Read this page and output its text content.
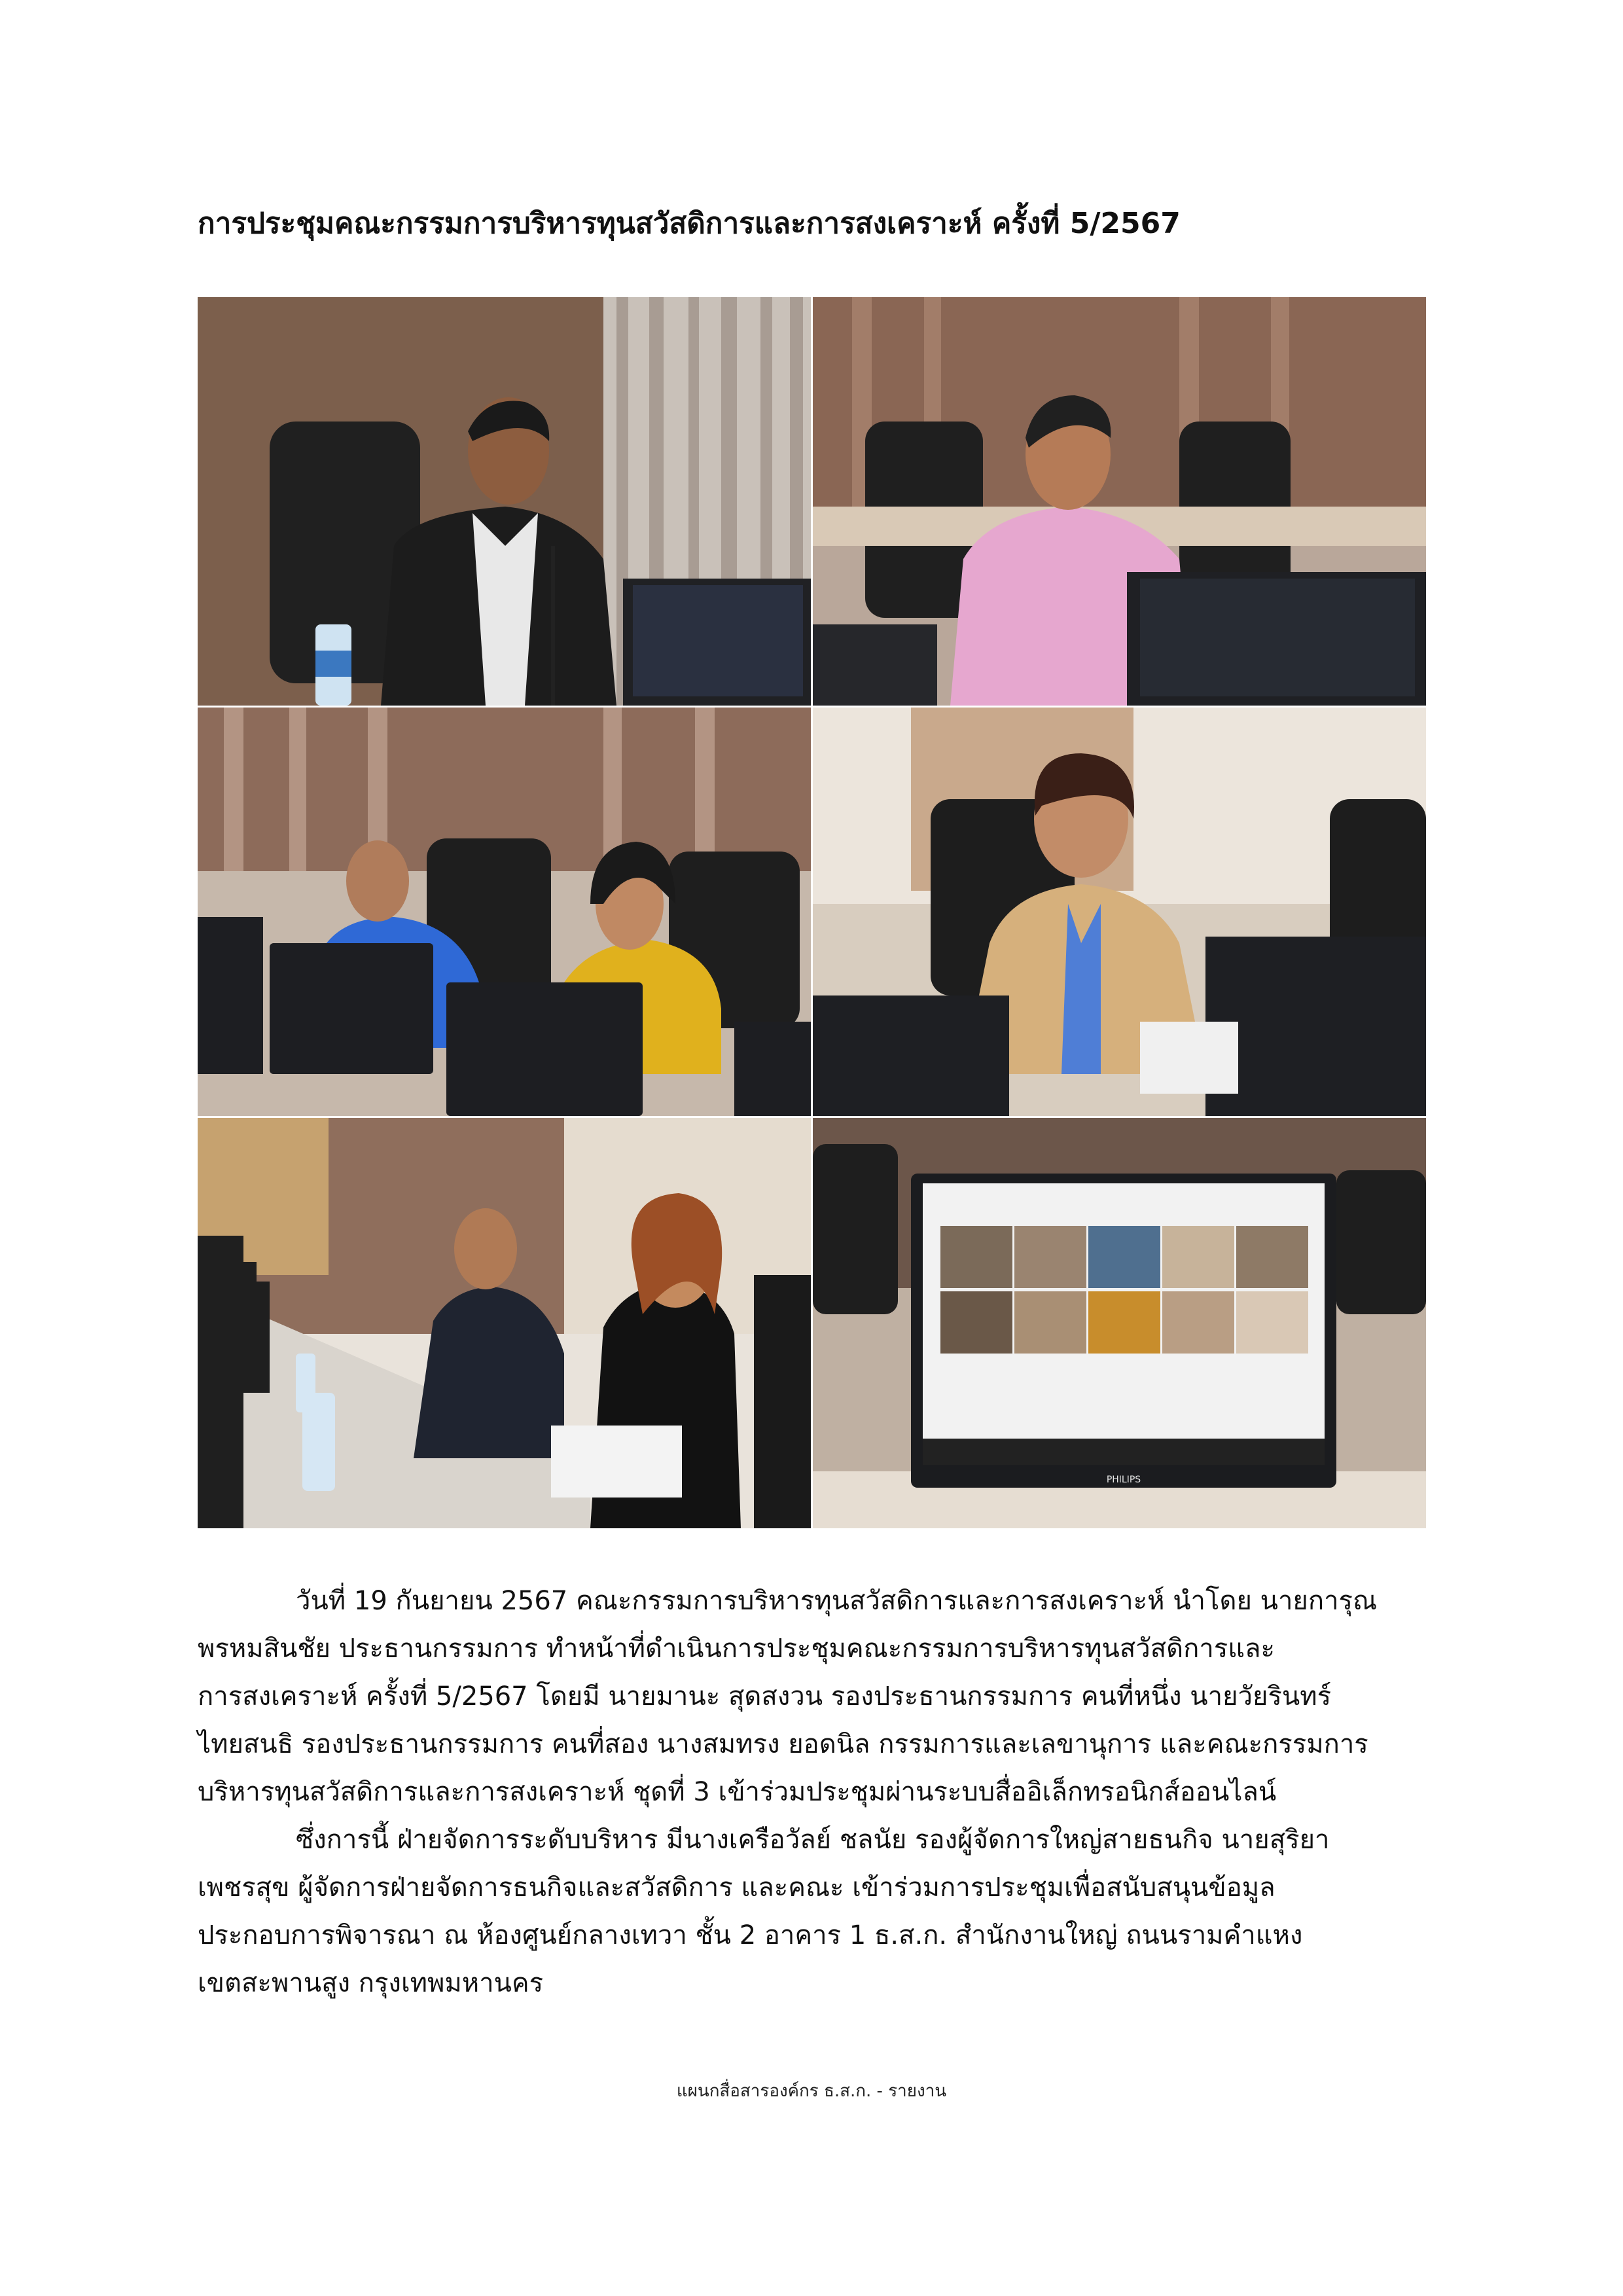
การประชุมคณะกรรมการบริหารทุนสวัสดิการและการสงเคราะห์ ครั้งที่ 5/2567
PHILIPS

วันที่ 19 กันยายน 2567 คณะกรรมการบริหารทุนสวัสดิการและการสงเคราะห์ นำโดย นายการุณ
พรหมสินชัย ประธานกรรมการ ทำหน้าที่ดำเนินการประชุมคณะกรรมการบริหารทุนสวัสดิการและ
การสงเคราะห์ ครั้งที่ 5/2567 โดยมี นายมานะ สุดสงวน รองประธานกรรมการ คนที่หนึ่ง นายวัยรินทร์
ไทยสนธิ รองประธานกรรมการ คนที่สอง นางสมทรง ยอดนิล กรรมการและเลขานุการ และคณะกรรมการ
บริหารทุนสวัสดิการและการสงเคราะห์ ชุดที่ 3 เข้าร่วมประชุมผ่านระบบสื่ออิเล็กทรอนิกส์ออนไลน์

ซึ่งการนี้ ฝ่ายจัดการระดับบริหาร มีนางเครือวัลย์ ชลนัย รองผู้จัดการใหญ่สายธนกิจ นายสุริยา
เพชรสุข ผู้จัดการฝ่ายจัดการธนกิจและสวัสดิการ และคณะ เข้าร่วมการประชุมเพื่อสนับสนุนข้อมูล
ประกอบการพิจารณา ณ ห้องศูนย์กลางเทวา ชั้น 2 อาคาร 1 ธ.ส.ก. สำนักงานใหญ่ ถนนรามคำแหง
เขตสะพานสูง กรุงเทพมหานคร

แผนกสื่อสารองค์กร ธ.ส.ก. - รายงาน
